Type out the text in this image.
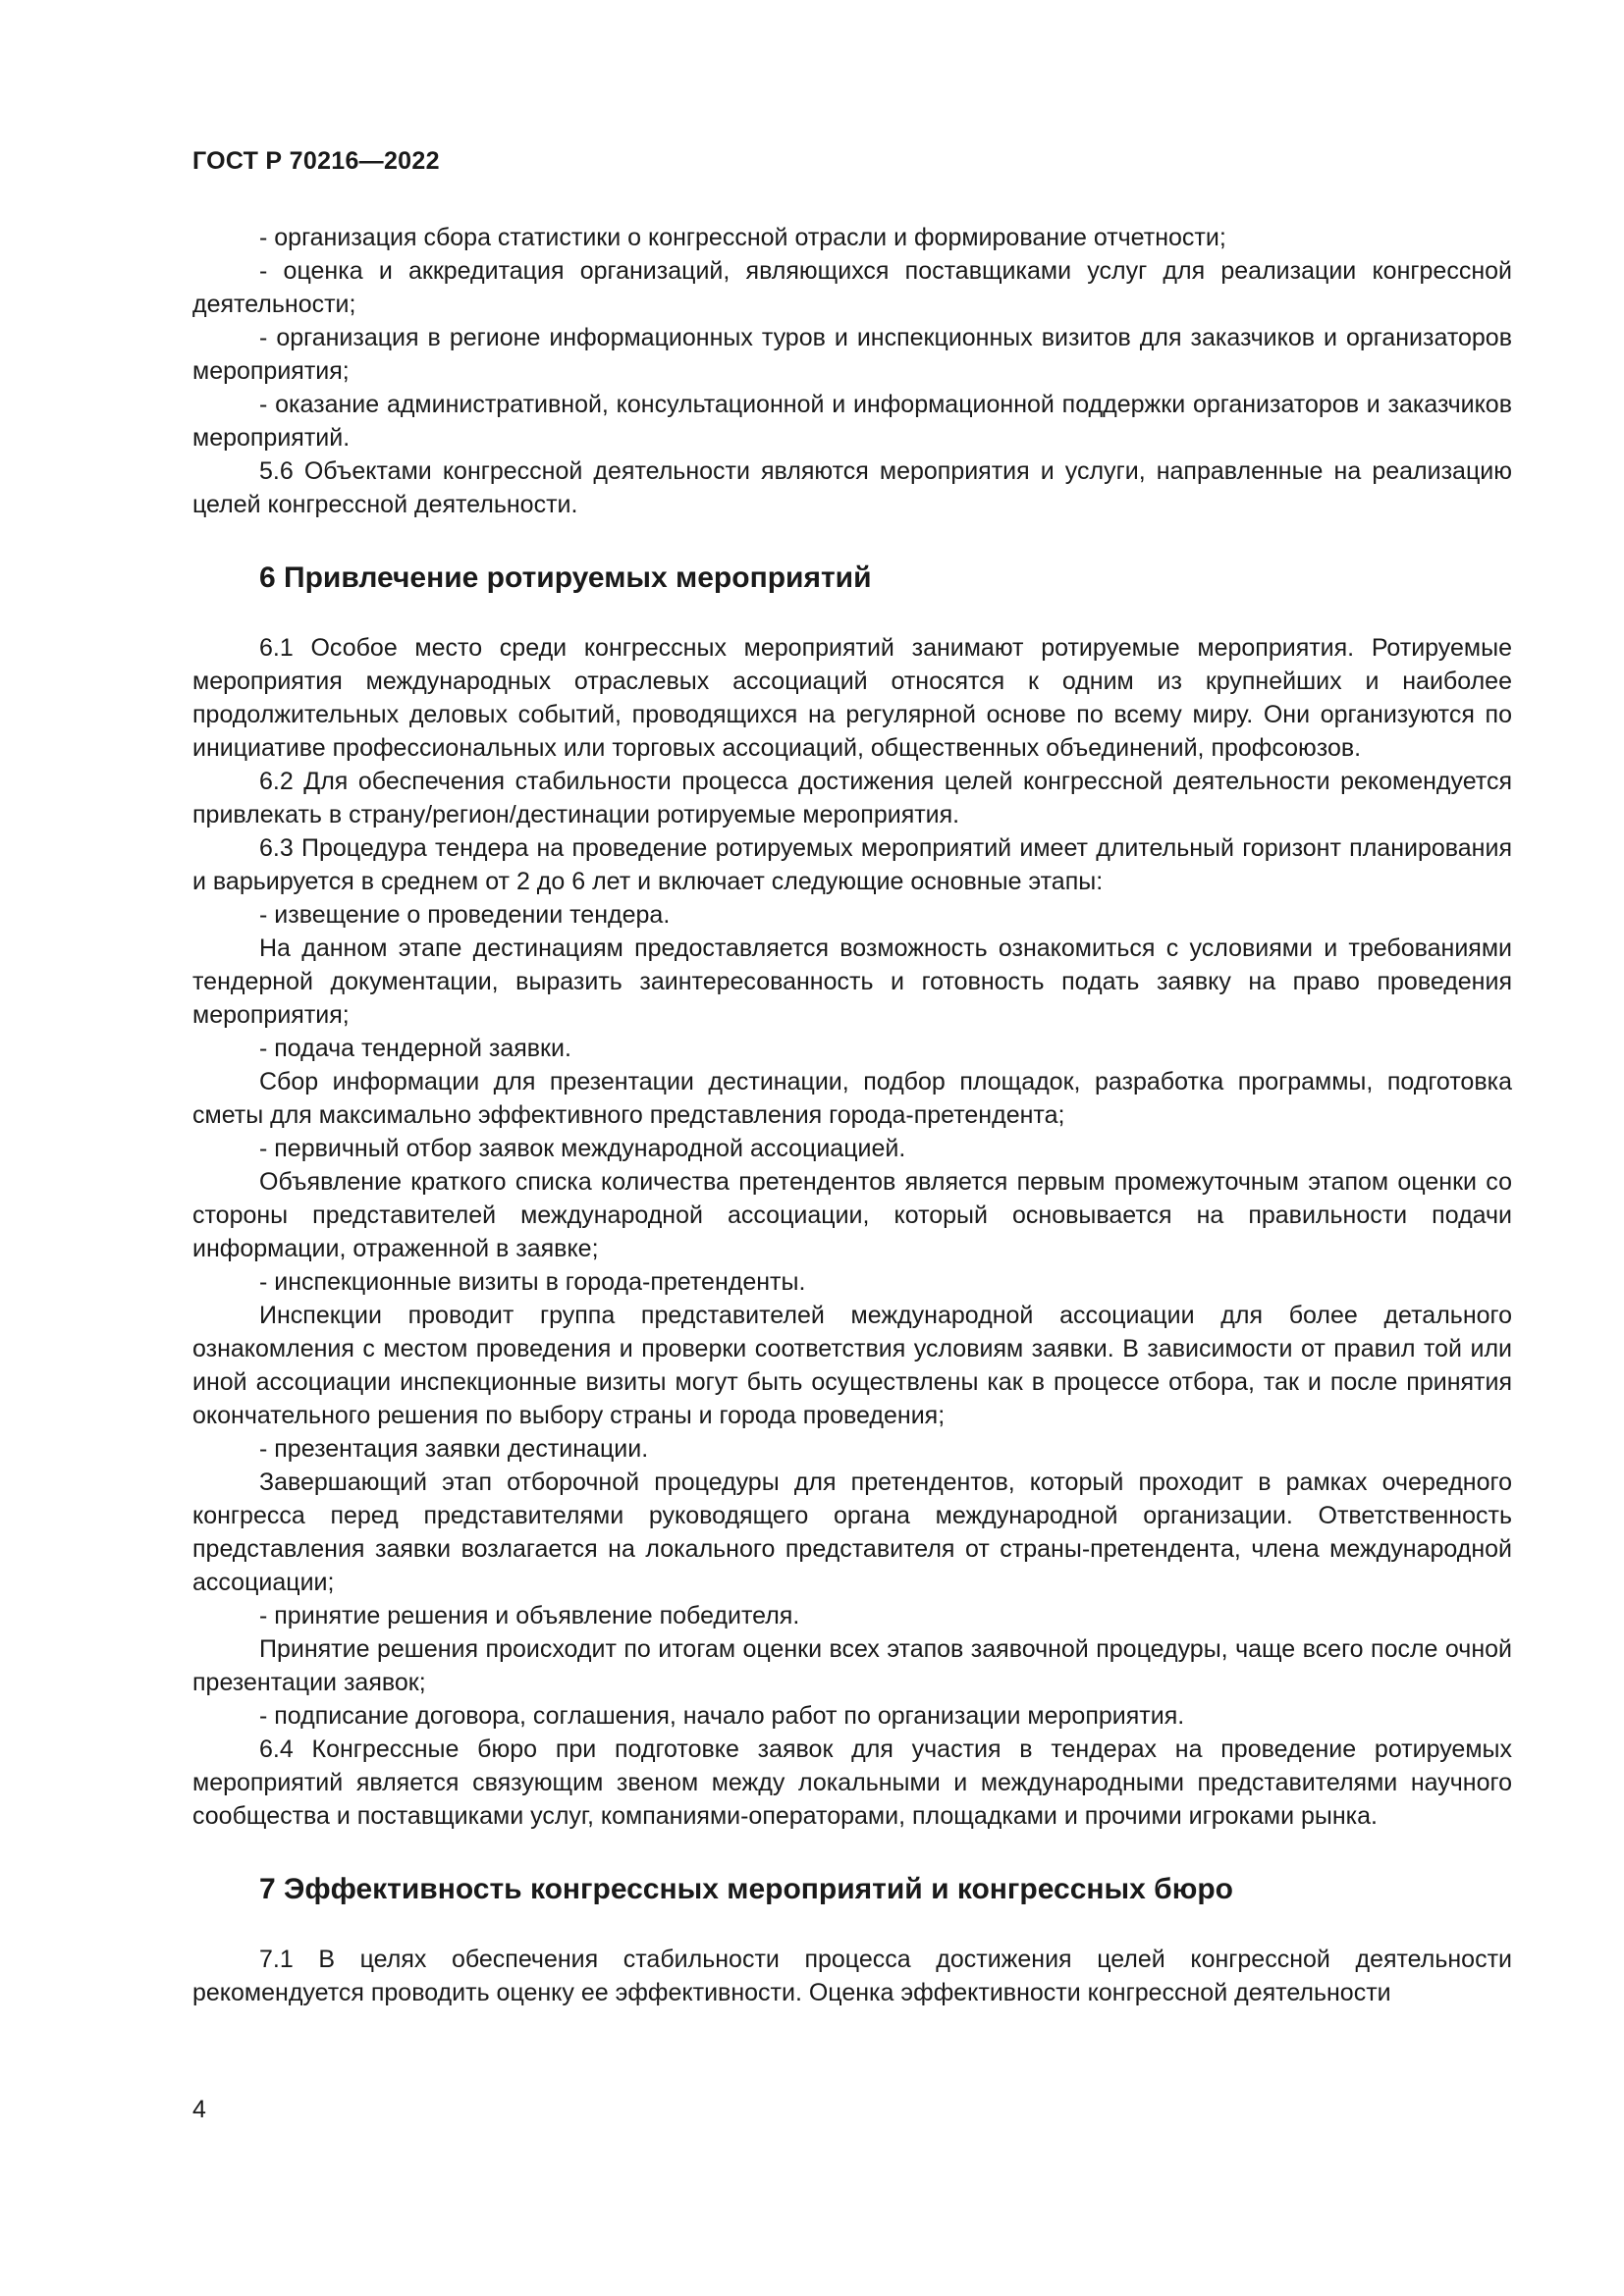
ГОСТ Р 70216—2022

- организация сбора статистики о конгрессной отрасли и формирование отчетности;

- оценка и аккредитация организаций, являющихся поставщиками услуг для реализации конгрессной деятельности;

- организация в регионе информационных туров и инспекционных визитов для заказчиков и организаторов мероприятия;

- оказание административной, консультационной и информационной поддержки организаторов и заказчиков мероприятий.

5.6 Объектами конгрессной деятельности являются мероприятия и услуги, направленные на реализацию целей конгрессной деятельности.

6 Привлечение ротируемых мероприятий

6.1 Особое место среди конгрессных мероприятий занимают ротируемые мероприятия. Ротируемые мероприятия международных отраслевых ассоциаций относятся к одним из крупнейших и наиболее продолжительных деловых событий, проводящихся на регулярной основе по всему миру. Они организуются по инициативе профессиональных или торговых ассоциаций, общественных объединений, профсоюзов.

6.2 Для обеспечения стабильности процесса достижения целей конгрессной деятельности рекомендуется привлекать в страну/регион/дестинации ротируемые мероприятия.

6.3 Процедура тендера на проведение ротируемых мероприятий имеет длительный горизонт планирования и варьируется в среднем от 2 до 6 лет и включает следующие основные этапы:

- извещение о проведении тендера.

На данном этапе дестинациям предоставляется возможность ознакомиться с условиями и требованиями тендерной документации, выразить заинтересованность и готовность подать заявку на право проведения мероприятия;

- подача тендерной заявки.

Сбор информации для презентации дестинации, подбор площадок, разработка программы, подготовка сметы для максимально эффективного представления города-претендента;

- первичный отбор заявок международной ассоциацией.

Объявление краткого списка количества претендентов является первым промежуточным этапом оценки со стороны представителей международной ассоциации, который основывается на правильности подачи информации, отраженной в заявке;

- инспекционные визиты в города-претенденты.

Инспекции проводит группа представителей международной ассоциации для более детального ознакомления с местом проведения и проверки соответствия условиям заявки. В зависимости от правил той или иной ассоциации инспекционные визиты могут быть осуществлены как в процессе отбора, так и после принятия окончательного решения по выбору страны и города проведения;

- презентация заявки дестинации.

Завершающий этап отборочной процедуры для претендентов, который проходит в рамках очередного конгресса перед представителями руководящего органа международной организации. Ответственность представления заявки возлагается на локального представителя от страны-претендента, члена международной ассоциации;

- принятие решения и объявление победителя.

Принятие решения происходит по итогам оценки всех этапов заявочной процедуры, чаще всего после очной презентации заявок;

- подписание договора, соглашения, начало работ по организации мероприятия.

6.4 Конгрессные бюро при подготовке заявок для участия в тендерах на проведение ротируемых мероприятий является связующим звеном между локальными и международными представителями научного сообщества и поставщиками услуг, компаниями-операторами, площадками и прочими игроками рынка.

7 Эффективность конгрессных мероприятий и конгрессных бюро

7.1 В целях обеспечения стабильности процесса достижения целей конгрессной деятельности рекомендуется проводить оценку ее эффективности. Оценка эффективности конгрессной деятельности

4
